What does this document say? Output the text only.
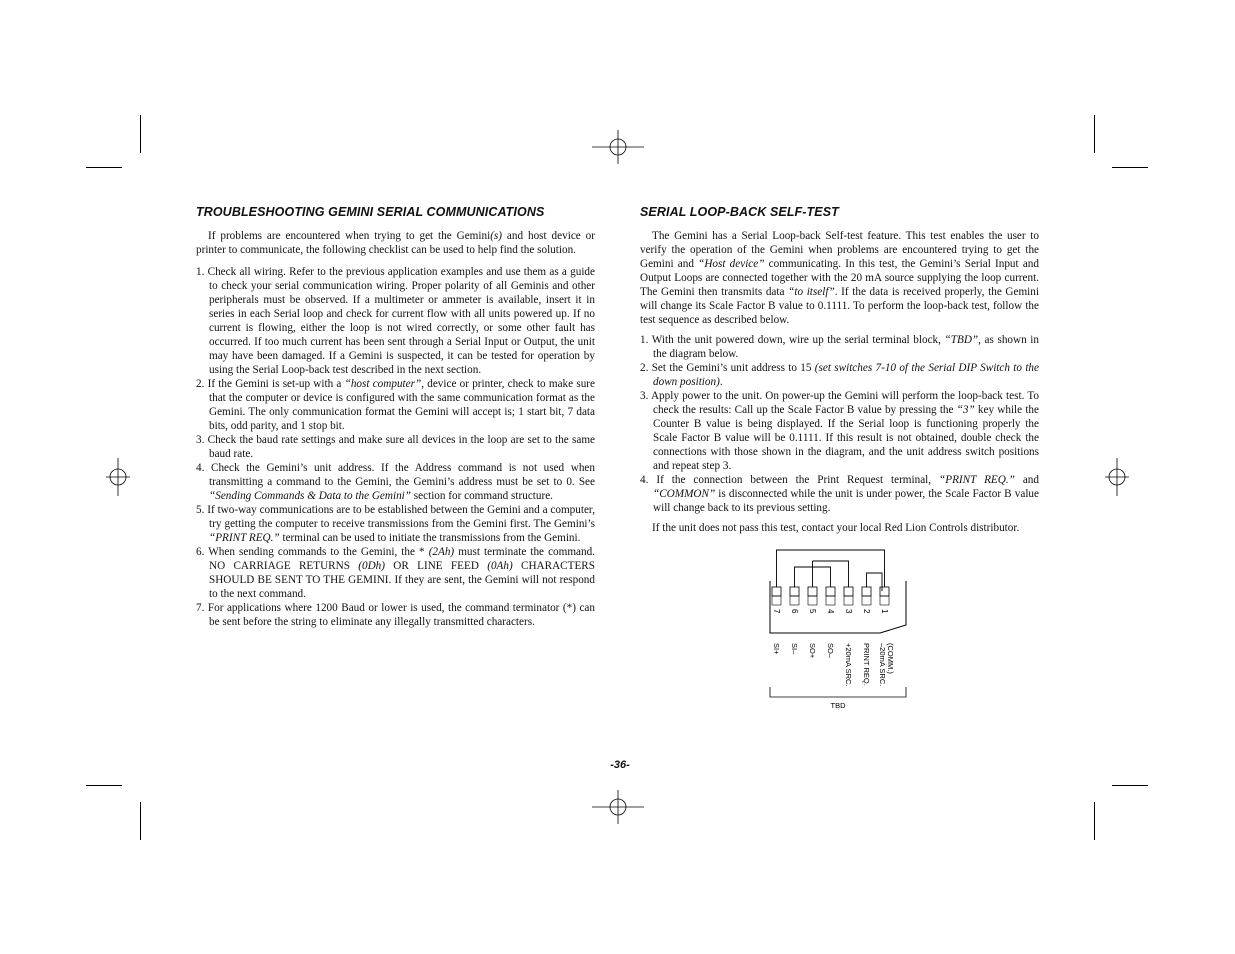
TROUBLESHOOTING GEMINI SERIAL COMMUNICATIONS

If problems are encountered when trying to get the Gemini(s) and host device or printer to communicate, the following checklist can be used to help find the solution.

1. Check all wiring. Refer to the previous application examples and use them as a guide to check your serial communication wiring. Proper polarity of all Geminis and other peripherals must be observed. If a multimeter or ammeter is available, insert it in series in each Serial loop and check for current flow with all units powered up. If no current is flowing, either the loop is not wired correctly, or some other fault has occurred. If too much current has been sent through a Serial Input or Output, the unit may have been damaged. If a Gemini is suspected, it can be tested for operation by using the Serial Loop-back test described in the next section.
2. If the Gemini is set-up with a “host computer”, device or printer, check to make sure that the computer or device is configured with the same communication format as the Gemini. The only communication format the Gemini will accept is; 1 start bit, 7 data bits, odd parity, and 1 stop bit.
3. Check the baud rate settings and make sure all devices in the loop are set to the same baud rate.
4. Check the Gemini’s unit address. If the Address command is not used when transmitting a command to the Gemini, the Gemini’s address must be set to 0. See “Sending Commands & Data to the Gemini” section for command structure.
5. If two-way communications are to be established between the Gemini and a computer, try getting the computer to receive transmissions from the Gemini first. The Gemini’s “PRINT REQ.” terminal can be used to initiate the transmissions from the Gemini.
6. When sending commands to the Gemini, the * (2Ah) must terminate the command. NO CARRIAGE RETURNS (0Dh) OR LINE FEED (0Ah) CHARACTERS SHOULD BE SENT TO THE GEMINI. If they are sent, the Gemini will not respond to the next command.
7. For applications where 1200 Baud or lower is used, the command terminator (*) can be sent before the string to eliminate any illegally transmitted characters.
SERIAL LOOP-BACK SELF-TEST

The Gemini has a Serial Loop-back Self-test feature. This test enables the user to verify the operation of the Gemini when problems are encountered trying to get the Gemini and “Host device” communicating. In this test, the Gemini’s Serial Input and Output Loops are connected together with the 20 mA source supplying the loop current. The Gemini then transmits data “to itself”. If the data is received properly, the Gemini will change its Scale Factor B value to 0.1111. To perform the loop-back test, follow the test sequence as described below.

1. With the unit powered down, wire up the serial terminal block, “TBD”, as shown in the diagram below.
2. Set the Gemini’s unit address to 15 (set switches 7-10 of the Serial DIP Switch to the down position).
3. Apply power to the unit. On power-up the Gemini will perform the loop-back test. To check the results: Call up the Scale Factor B value by pressing the “3” key while the Counter B value is being displayed. If the Serial loop is functioning properly the Scale Factor B value will be 0.1111. If this result is not obtained, double check the connections with those shown in the diagram, and the unit address switch positions and repeat step 3.
4. If the connection between the Print Request terminal, “PRINT REQ.” and “COMMON” is disconnected while the unit is under power, the Scale Factor B value will change back to its previous setting.

If the unit does not pass this test, contact your local Red Lion Controls distributor.

7 6 5 4 3 2 1
SI+ SI– SO+ SO– +20mA SRC. PRINT REQ. –20mA SRC. (COMM.)
TBD
-36-
